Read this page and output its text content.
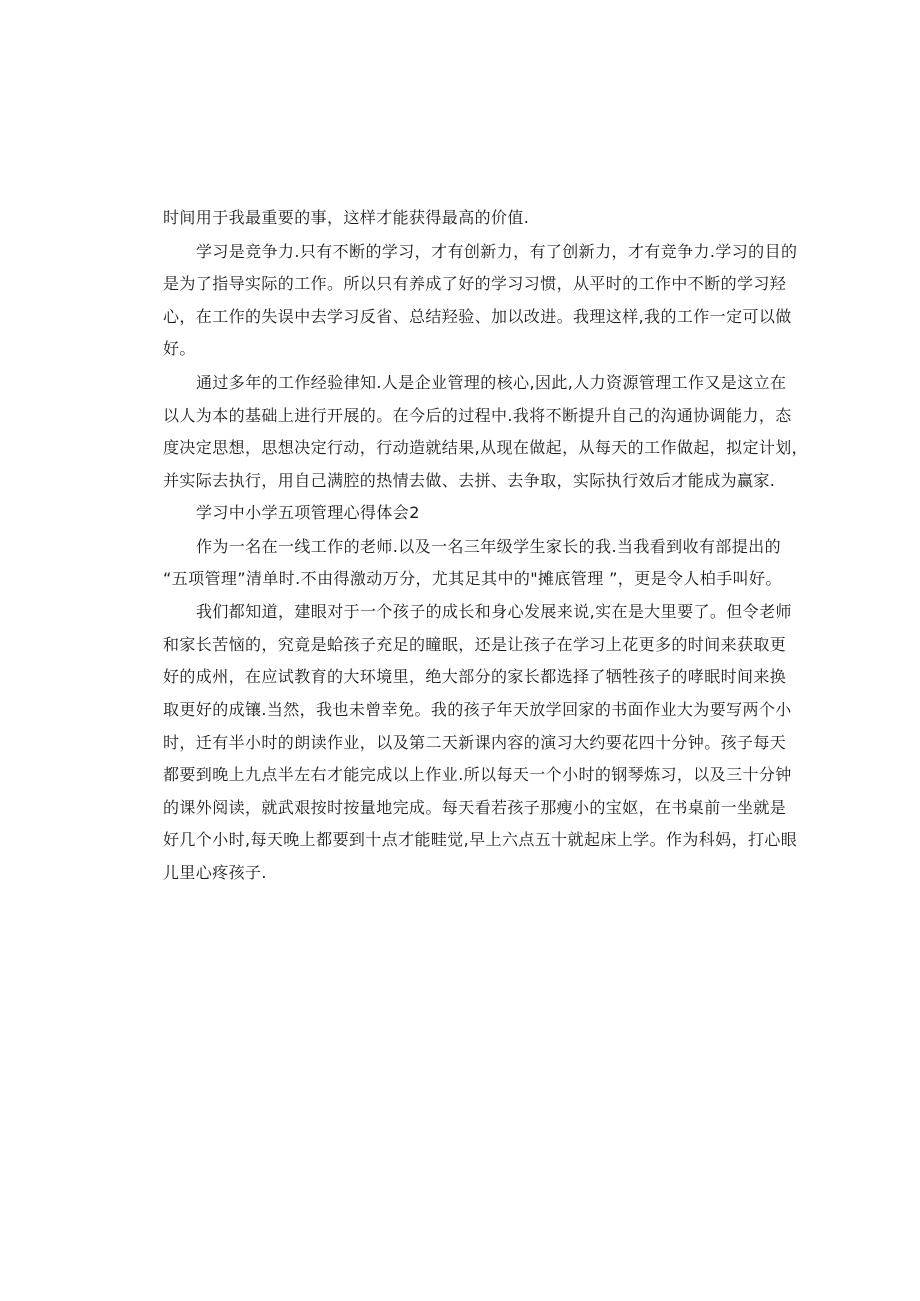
时间用于我最重要的事，这样才能获得最高的价值.
学习是竞争力.只有不断的学习，才有创新力，有了创新力，才有竞争力.学习的目的
是为了指导实际的工作。所以只有养成了好的学习习惯，从平时的工作中不断的学习羟
心，在工作的失误中去学习反省、总结羟验、加以改进。我理这样,我的工作一定可以做
好。
通过多年的工作经验律知.人是企业管理的核心,因此,人力资源管理工作又是这立在
以人为本的基础上进行开展的。在今后的过程中.我将不断提升自己的沟通协调能力，态
度决定思想，思想决定行动，行动造就结果,从现在做起，从每天的工作做起，拟定计划，
并实际去执行，用自己满腔的热情去做、去拼、去争取，实际执行效后才能成为赢家.
学习中小学五项管理心得体会2
作为一名在一线工作的老师.以及一名三年级学生家长的我.当我看到收有部提出的
“五项管理”清单时.不由得激动万分，尤其足其中的"摊底管理 ”，更是令人柏手叫好。
我们都知道，建眼对于一个孩子的成长和身心发展来说,实在是大里要了。但令老师
和家长苦恼的，究竟是蛤孩子充足的瞳眠，还是让孩子在学习上花更多的时间来获取更
好的成州，在应试教育的大环境里，绝大部分的家长都选择了牺牲孩子的哮眠时间来换
取更好的成镶.当然，我也未曾幸免。我的孩子年天放学回家的书面作业大为要写两个小
时，迁有半小时的朗读作业，以及第二天新课内容的演习大约要花四十分钟。孩子每天
都要到晚上九点半左右才能完成以上作业.所以每天一个小时的钢琴炼习，以及三十分钟
的课外阅读，就武艰按时按量地完成。每天看若孩子那瘦小的宝妪，在书桌前一坐就是
好几个小时,每天晚上都要到十点才能畦觉,早上六点五十就起床上学。作为科妈，打心眼
儿里心疼孩子.
